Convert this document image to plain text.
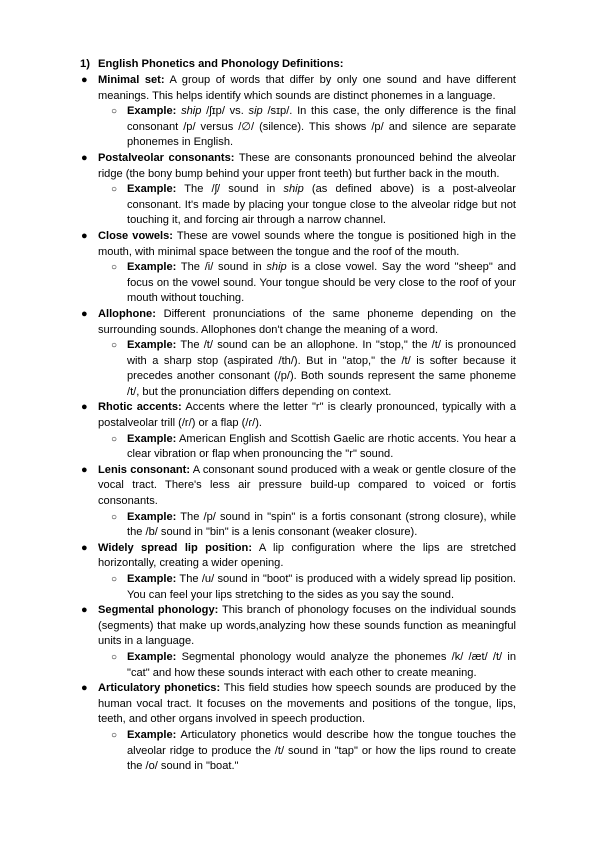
1) English Phonetics and Phonology Definitions:
● Minimal set: A group of words that differ by only one sound and have different meanings. This helps identify which sounds are distinct phonemes in a language.
○ Example: ship /ʃɪp/ vs. sip /sɪp/. In this case, the only difference is the final consonant /p/ versus /∅/ (silence). This shows /p/ and silence are separate phonemes in English.
● Postalveolar consonants: These are consonants pronounced behind the alveolar ridge (the bony bump behind your upper front teeth) but further back in the mouth.
○ Example: The /ʃ/ sound in ship (as defined above) is a post-alveolar consonant. It's made by placing your tongue close to the alveolar ridge but not touching it, and forcing air through a narrow channel.
● Close vowels: These are vowel sounds where the tongue is positioned high in the mouth, with minimal space between the tongue and the roof of the mouth.
○ Example: The /i/ sound in ship is a close vowel. Say the word "sheep" and focus on the vowel sound. Your tongue should be very close to the roof of your mouth without touching.
● Allophone: Different pronunciations of the same phoneme depending on the surrounding sounds. Allophones don't change the meaning of a word.
○ Example: The /t/ sound can be an allophone. In "stop," the /t/ is pronounced with a sharp stop (aspirated /th/). But in "atop," the /t/ is softer because it precedes another consonant (/p/). Both sounds represent the same phoneme /t/, but the pronunciation differs depending on context.
● Rhotic accents: Accents where the letter "r" is clearly pronounced, typically with a postalveolar trill (/r/) or a flap (/ɾ/).
○ Example: American English and Scottish Gaelic are rhotic accents. You hear a clear vibration or flap when pronouncing the "r" sound.
● Lenis consonant: A consonant sound produced with a weak or gentle closure of the vocal tract. There's less air pressure build-up compared to voiced or fortis consonants.
○ Example: The /p/ sound in "spin" is a fortis consonant (strong closure), while the /b/ sound in "bin" is a lenis consonant (weaker closure).
● Widely spread lip position: A lip configuration where the lips are stretched horizontally, creating a wider opening.
○ Example: The /u/ sound in "boot" is produced with a widely spread lip position. You can feel your lips stretching to the sides as you say the sound.
● Segmental phonology: This branch of phonology focuses on the individual sounds (segments) that make up words,analyzing how these sounds function as meaningful units in a language.
○ Example: Segmental phonology would analyze the phonemes /k/ /æt/ /t/ in "cat" and how these sounds interact with each other to create meaning.
● Articulatory phonetics: This field studies how speech sounds are produced by the human vocal tract. It focuses on the movements and positions of the tongue, lips, teeth, and other organs involved in speech production.
○ Example: Articulatory phonetics would describe how the tongue touches the alveolar ridge to produce the /t/ sound in "tap" or how the lips round to create the /o/ sound in "boat."
